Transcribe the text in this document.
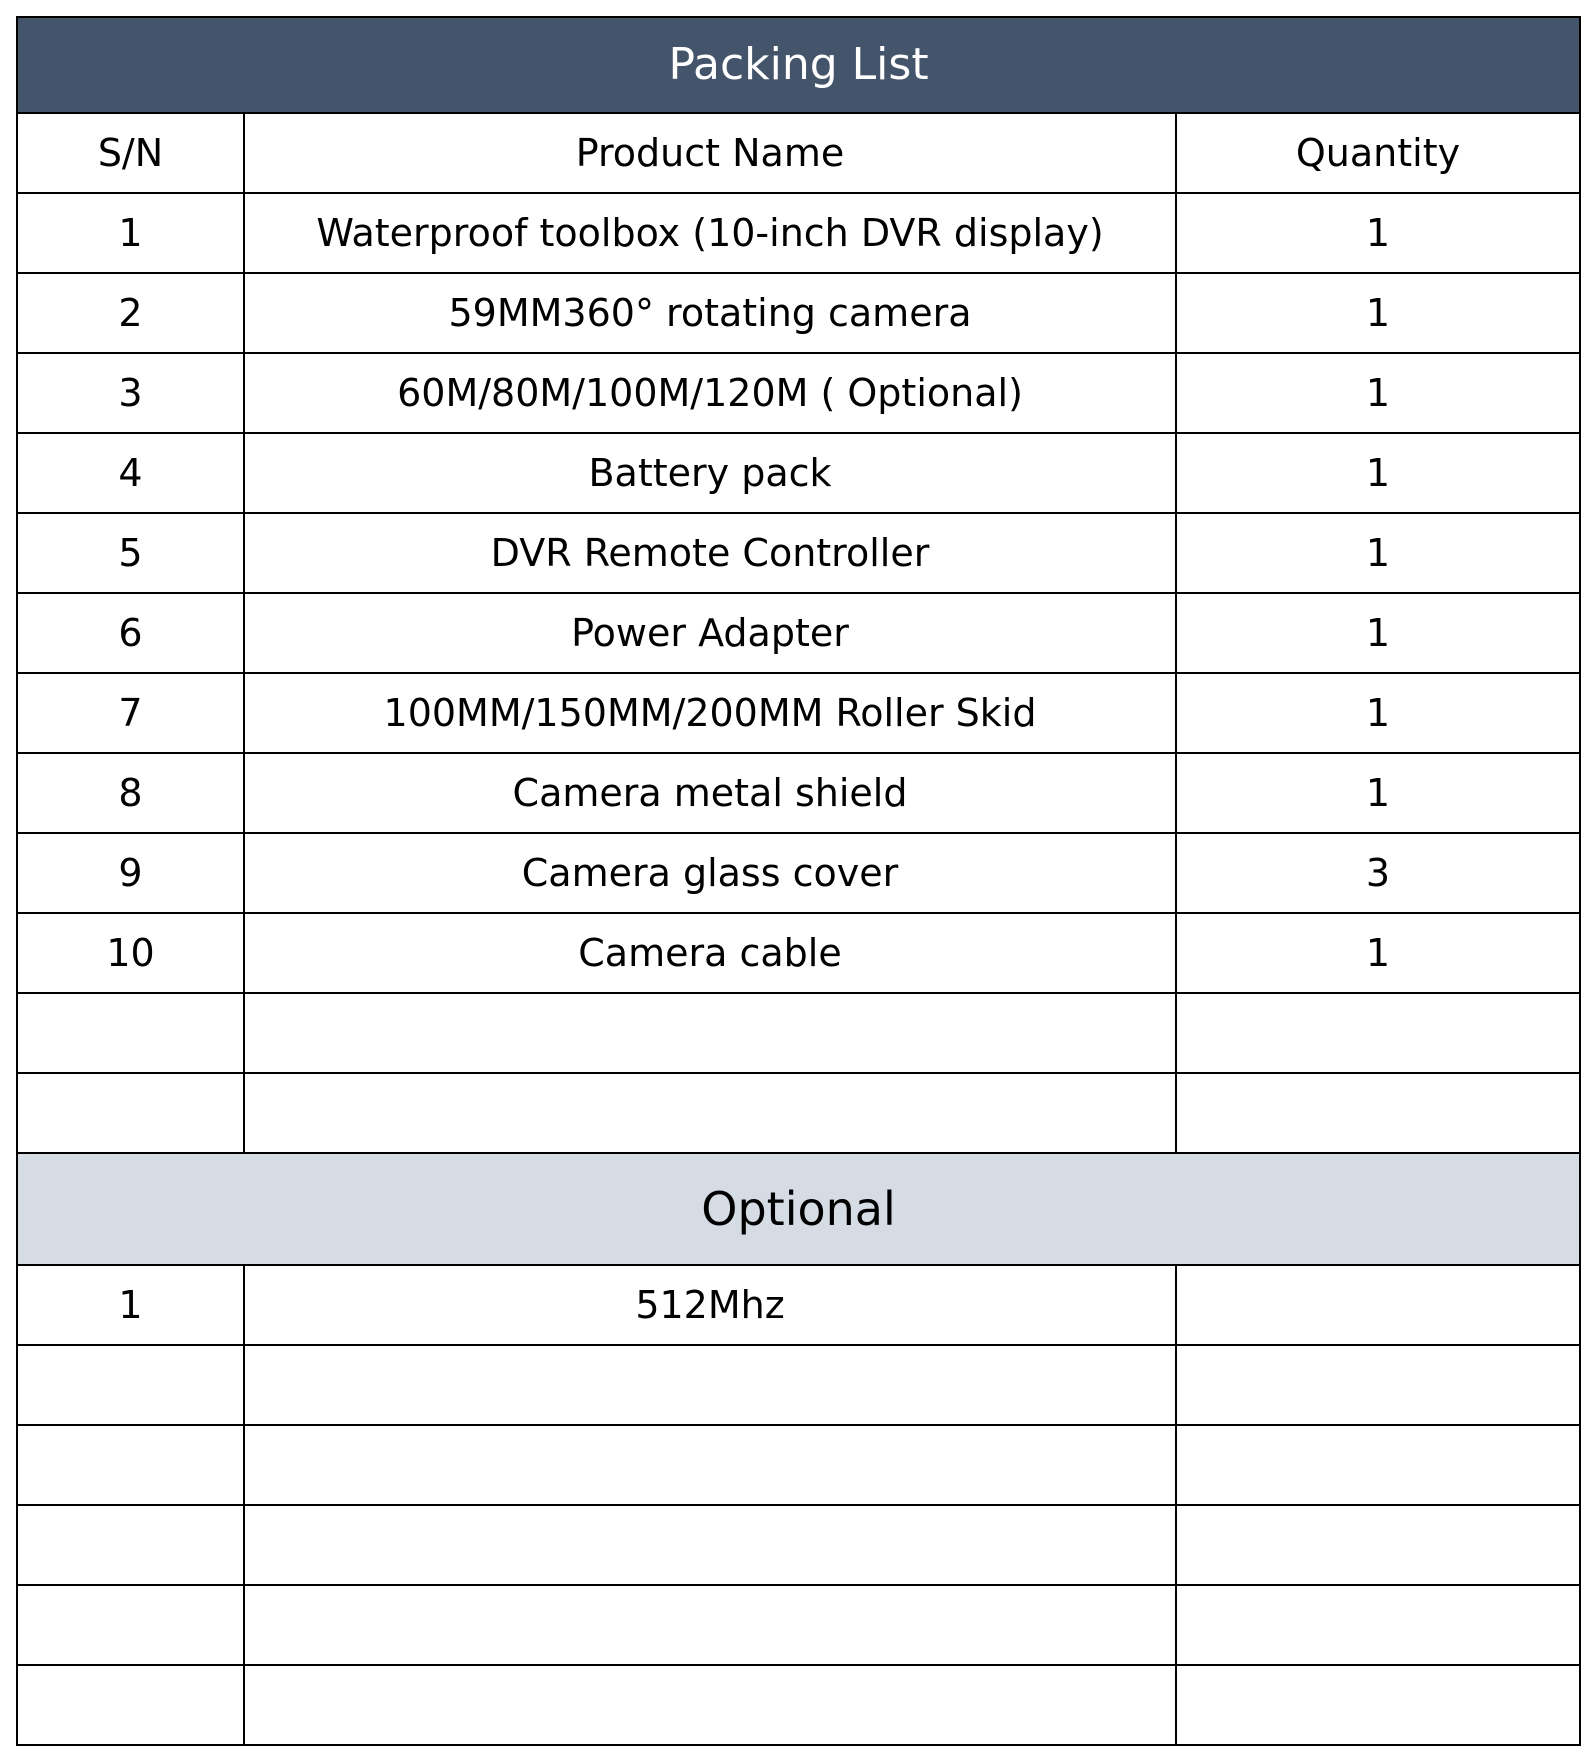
Packing List		
S/N	Product Name	Quantity
1	Waterproof toolbox (10-inch DVR display)	1
2	59MM360° rotating camera	1
3	60M/80M/100M/120M ( Optional)	1
4	Battery pack	1
5	DVR Remote Controller	1
6	Power Adapter	1
7	100MM/150MM/200MM Roller Skid	1
8	Camera metal shield	1
9	Camera glass cover	3
10	Camera cable	1

Optional		
1	512Mhz	
